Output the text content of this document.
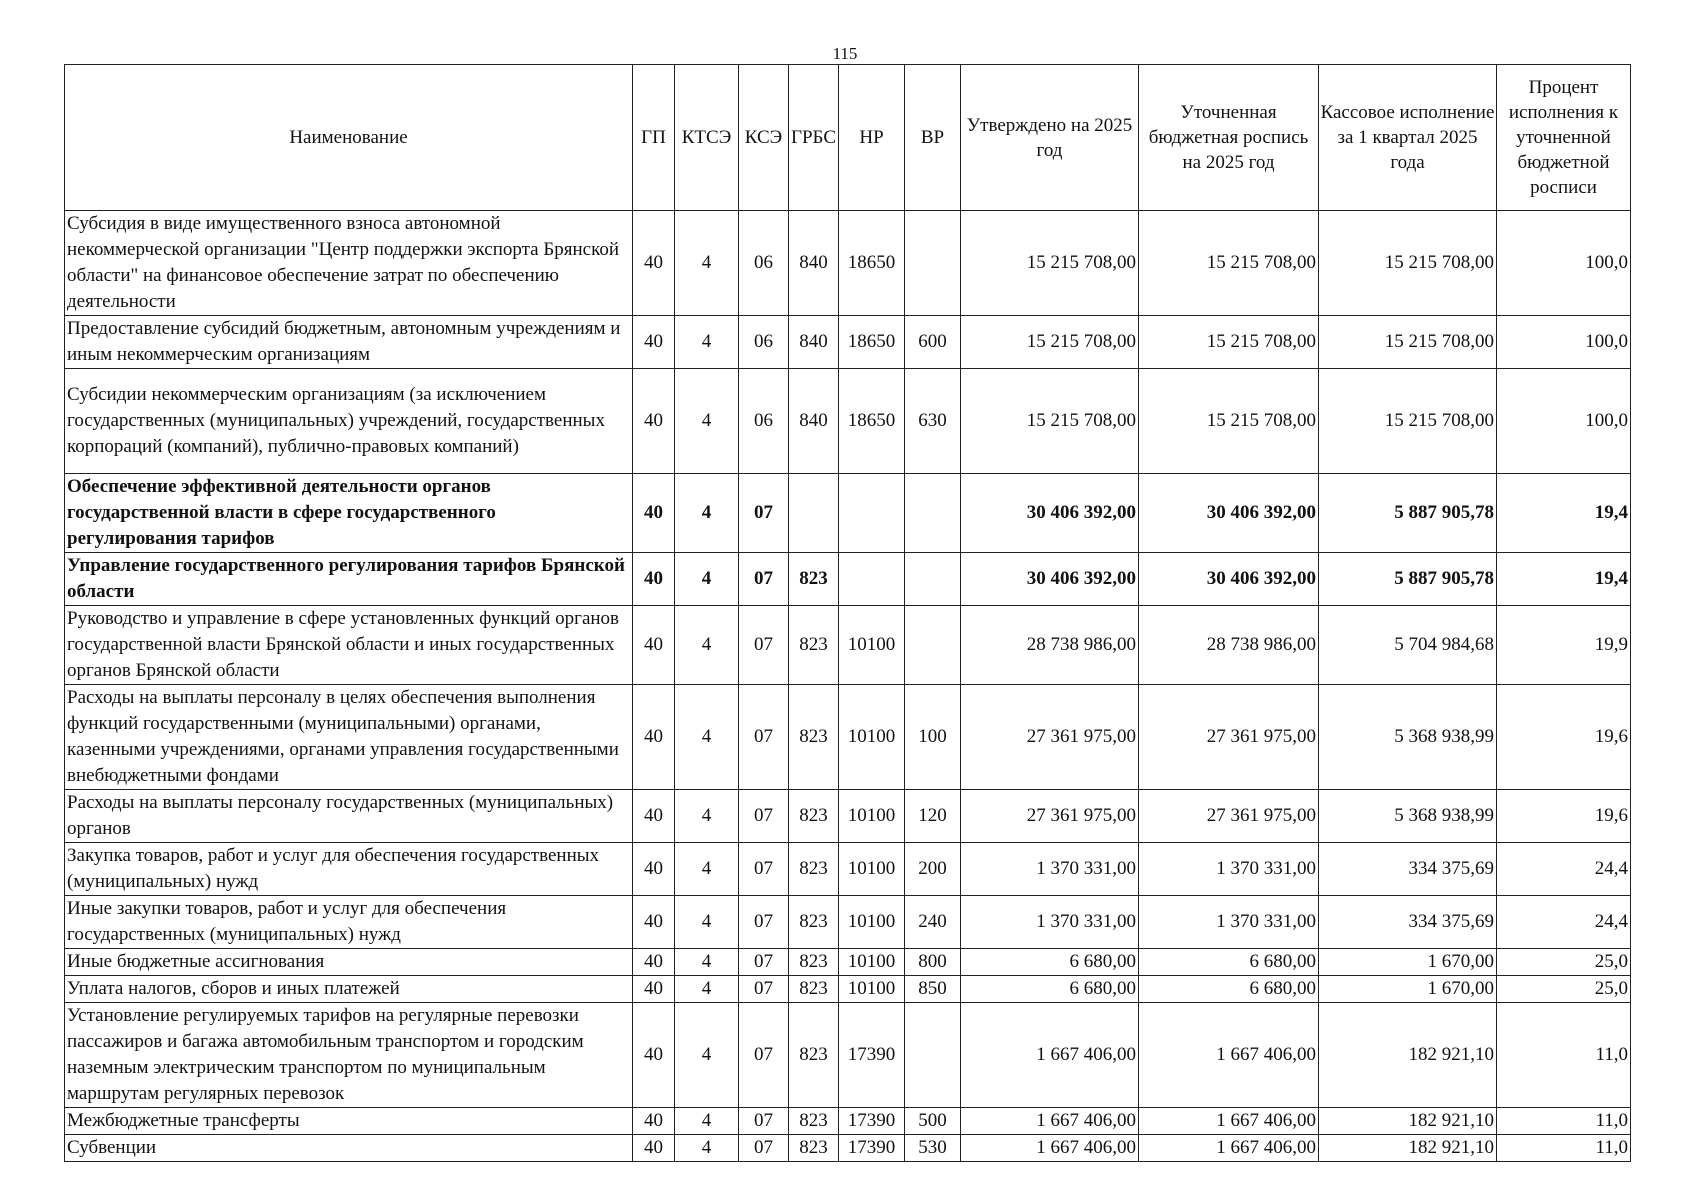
115
Наименование	ГП	КТСЭ	КСЭ	ГРБС	НР	ВР	Утверждено на 2025 год	Уточненная бюджетная роспись на 2025 год	Кассовое исполнение за 1 квартал 2025 года	Процент исполнения к уточненной бюджетной росписи
Субсидия в виде имущественного взноса автономной некоммерческой организации "Центр поддержки экспорта Брянской области" на финансовое обеспечение затрат по обеспечению деятельности	40	4	06	840	18650		15 215 708,00	15 215 708,00	15 215 708,00	100,0
Предоставление субсидий бюджетным, автономным учреждениям и иным некоммерческим организациям	40	4	06	840	18650	600	15 215 708,00	15 215 708,00	15 215 708,00	100,0
Субсидии некоммерческим организациям (за исключением государственных (муниципальных) учреждений, государственных корпораций (компаний), публично-правовых компаний)	40	4	06	840	18650	630	15 215 708,00	15 215 708,00	15 215 708,00	100,0
Обеспечение эффективной деятельности органов государственной власти в сфере государственного регулирования тарифов	40	4	07				30 406 392,00	30 406 392,00	5 887 905,78	19,4
Управление государственного регулирования тарифов Брянской области	40	4	07	823			30 406 392,00	30 406 392,00	5 887 905,78	19,4
Руководство и управление в сфере установленных функций органов государственной власти Брянской области и иных государственных органов Брянской области	40	4	07	823	10100		28 738 986,00	28 738 986,00	5 704 984,68	19,9
Расходы на выплаты персоналу в целях обеспечения выполнения функций государственными (муниципальными) органами, казенными учреждениями, органами управления государственными внебюджетными фондами	40	4	07	823	10100	100	27 361 975,00	27 361 975,00	5 368 938,99	19,6
Расходы на выплаты персоналу государственных (муниципальных) органов	40	4	07	823	10100	120	27 361 975,00	27 361 975,00	5 368 938,99	19,6
Закупка товаров, работ и услуг для обеспечения государственных (муниципальных) нужд	40	4	07	823	10100	200	1 370 331,00	1 370 331,00	334 375,69	24,4
Иные закупки товаров, работ и услуг для обеспечения государственных (муниципальных) нужд	40	4	07	823	10100	240	1 370 331,00	1 370 331,00	334 375,69	24,4
Иные бюджетные ассигнования	40	4	07	823	10100	800	6 680,00	6 680,00	1 670,00	25,0
Уплата налогов, сборов и иных платежей	40	4	07	823	10100	850	6 680,00	6 680,00	1 670,00	25,0
Установление регулируемых тарифов на регулярные перевозки пассажиров и багажа автомобильным транспортом и городским наземным электрическим транспортом по муниципальным маршрутам регулярных перевозок	40	4	07	823	17390		1 667 406,00	1 667 406,00	182 921,10	11,0
Межбюджетные трансферты	40	4	07	823	17390	500	1 667 406,00	1 667 406,00	182 921,10	11,0
Субвенции	40	4	07	823	17390	530	1 667 406,00	1 667 406,00	182 921,10	11,0
